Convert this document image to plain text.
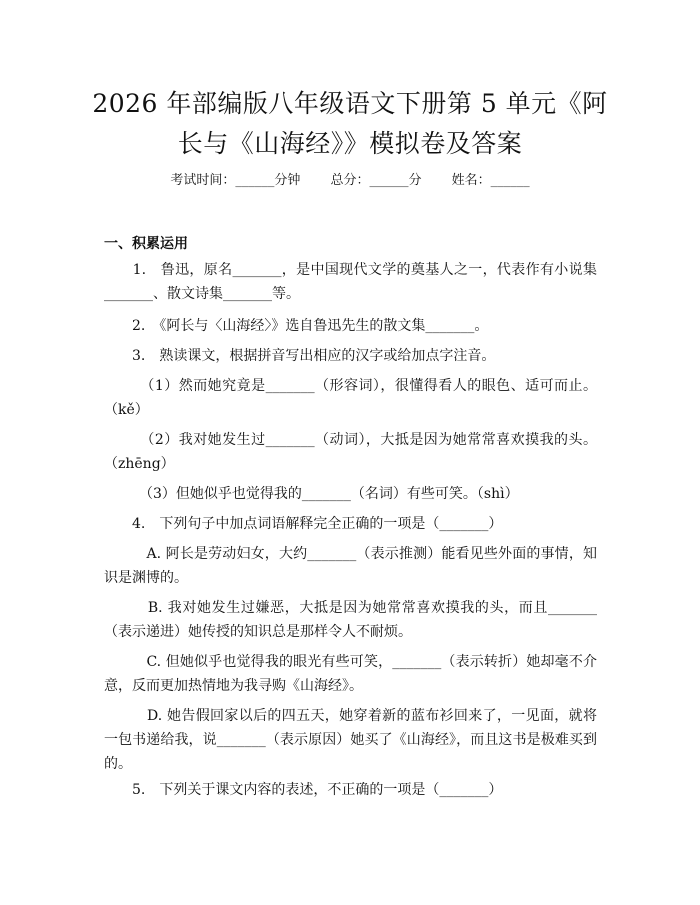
2026 年部编版八年级语文下册第 5 单元《阿
长与《山海经》》模拟卷及答案
考试时间：______分钟 总分：______分 姓名：______
一、积累运用
　　1.　鲁迅，原名_______，是中国现代文学的奠基人之一，代表作有小说集_______、散文诗集_______等。
　　2.　《阿长与〈山海经〉》选自鲁迅先生的散文集_______。
　　3.　熟读课文，根据拼音写出相应的汉字或给加点字注音。
　　　（1）然而她究竟是_______（形容词），很懂得看人的眼色、适可而止。（kě）
　　　（2）我对她发生过_______（动词），大抵是因为她常常喜欢摸我的头。（zhēng）
　　　（3）但她似乎也觉得我的_______（名词）有些可笑。（shì）
　　4.　下列句子中加点词语解释完全正确的一项是（_______）
　　　A. 阿长是劳动妇女，大约_______（表示推测）能看见些外面的事情，知识是渊博的。
　　　B. 我对她发生过嫌恶，大抵是因为她常常喜欢摸我的头，而且_______（表示递进）她传授的知识总是那样令人不耐烦。
　　　C. 但她似乎也觉得我的眼光有些可笑，_______（表示转折）她却毫不介意，反而更加热情地为我寻购《山海经》。
　　　D. 她告假回家以后的四五天，她穿着新的蓝布衫回来了，一见面，就将一包书递给我，说_______（表示原因）她买了《山海经》，而且这书是极难买到的。
　　5.　下列关于课文内容的表述，不正确的一项是（_______）
